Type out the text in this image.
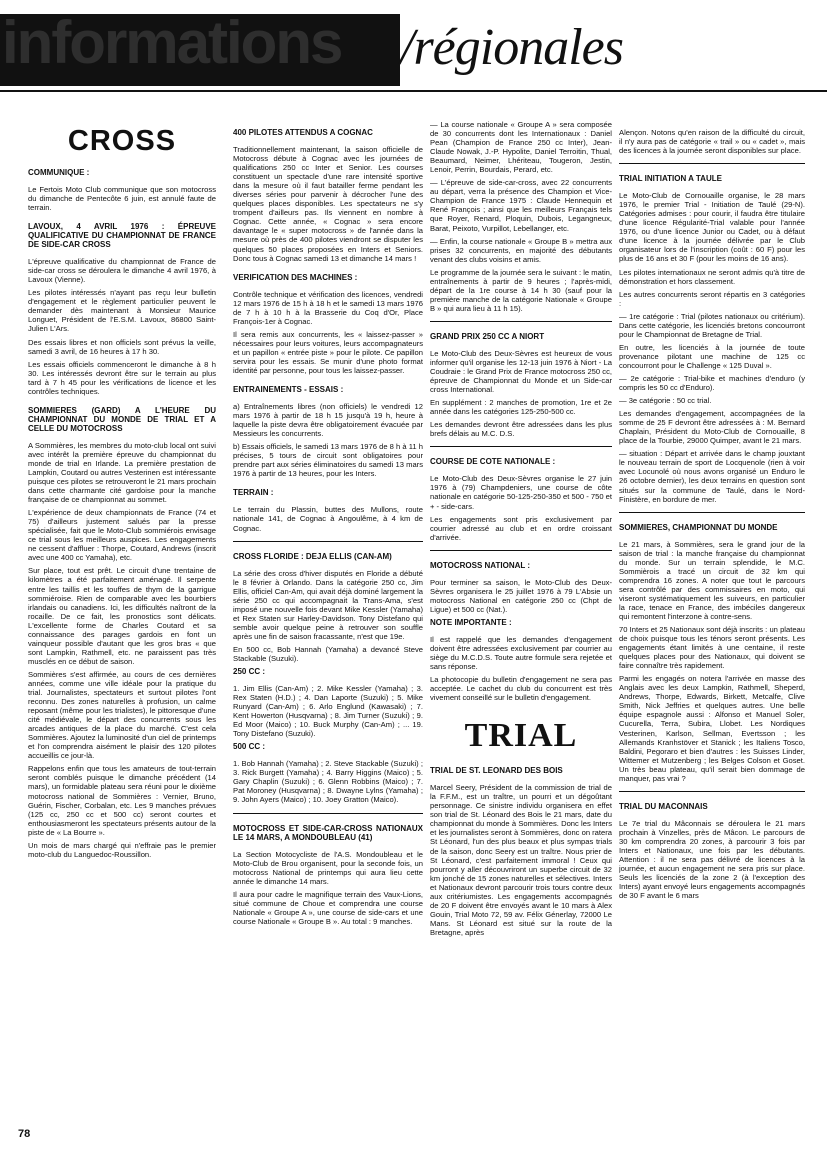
informations /régionales
CROSS
COMMUNIQUE :

Le Fertois Moto Club communique que son motocross du dimanche de Pentecôte 6 juin, est annulé faute de terrain.

LAVOUX, 4 AVRIL 1976 : ÉPREUVE QUALIFICATIVE DU CHAMPIONNAT DE FRANCE DE SIDE-CAR CROSS

L'épreuve qualificative du championnat de France de side-car cross se déroulera le dimanche 4 avril 1976, à Lavoux (Vienne).

Les pilotes intéressés n'ayant pas reçu leur bulletin d'engagement et le règlement particulier peuvent le demander dès maintenant à Monsieur Maurice Longuet, Président de l'E.S.M. Lavoux, 86800 Saint-Julien L'Ars.

Des essais libres et non officiels sont prévus la veille, samedi 3 avril, de 16 heures à 17 h 30.

Les essais officiels commenceront le dimanche à 8 h 30. Les intéressés devront être sur le terrain au plus tard à 7 h 45 pour les vérifications de licence et les contrôles techniques.

SOMMIERES (GARD) A L'HEURE DU CHAMPIONNAT DU MONDE DE TRIAL ET A CELLE DU MOTOCROSS

A Sommières, les membres du moto-club local ont suivi avec intérêt la première épreuve du championnat du monde de trial en Irlande. La première prestation de Lampkin, Coutard ou autres Vesterinen est intéressante puisque ces pilotes se retrouveront le 21 mars prochain dans cette charmante cité gardoise pour la manche française de ce championnat au sommet.

L'expérience de deux championnats de France (74 et 75) d'ailleurs justement salués par la presse spécialisée, fait que le Moto-Club sommiérois envisage ce trial sous les meilleurs auspices. Les engagements ne cessent d'affluer : Thorpe, Coutard, Andrews (inscrit avec une 400 cc Yamaha), etc.

Sur place, tout est prêt. Le circuit d'une trentaine de kilomètres a été parfaitement aménagé. Il serpente entre les taillis et les touffes de thym de la garrigue sommiéroise. Rien de comparable avec les bourbiers irlandais ou canadiens. Ici, les difficultés naîtront de la rocaille. De ce fait, les pronostics sont délicats. L'excellente forme de Charles Coutard et sa connaissance des parages gardois en font un vainqueur possible d'autant que les gros bras « que sont Lampkin, Rathmell, etc. ne paraissent pas très musclés en ce début de saison.

Sommières s'est affirmée, au cours de ces dernières années, comme une ville idéale pour la pratique du trial. Journalistes, spectateurs et surtout pilotes l'ont reconnu. Des zones naturelles à profusion, un calme reposant (même pour les trialistes), le pittoresque d'une cité médiévale, le départ des concurrents sous les arcades antiques de la place du marché. C'est cela Sommières. Ajoutez la luminosité d'un ciel de printemps et l'on comprendra aisément le plaisir des 120 pilotes accueillis ce jour-là.

Rappelons enfin que tous les amateurs de tout-terrain seront comblés puisque le dimanche précédent (14 mars), un formidable plateau sera réuni pour le dixième motocross national de Sommières : Vernier, Bruno, Guérin, Fischer, Corbalan, etc. Les 9 manches prévues (125 cc, 250 cc et 500 cc) seront courtes et enthousiasmeront les spectateurs présents autour de la piste de « La Bourre ».

Un mois de mars chargé qui n'effraie pas le premier moto-club du Languedoc-Roussillon.

400 PILOTES ATTENDUS A COGNAC

Traditionnellement maintenant, la saison officielle de Motocross débute à Cognac avec les journées de qualifications 250 cc Inter et Senior. Les courses constituent un spectacle d'une rare intensité sportive dans la mesure où il faut batailler ferme pendant les diverses séries pour parvenir à décrocher l'une des quelques places disponibles. Les spectateurs ne s'y trompent d'ailleurs pas. Ils viennent en nombre à Cognac. Cette année, « Cognac » sera encore davantage le « super motocross » de l'année dans la mesure où près de 400 pilotes viendront se disputer les quelques 50 places proposées en Inters et Seniors. Donc tous à Cognac samedi 13 et dimanche 14 mars !

VERIFICATION DES MACHINES :

Contrôle technique et vérification des licences, vendredi 12 mars 1976 de 15 h à 18 h et le samedi 13 mars 1976 de 7 h à 10 h à la Brasserie du Coq d'Or, Place François-1er à Cognac.

Il sera remis aux concurrents, les « laissez-passer » nécessaires pour leurs voitures, leurs accompagnateurs et un papillon « entrée piste » pour le pilote. Ce papillon servira pour les essais. Se munir d'une photo format identité par personne, pour tous les laissez-passer.

ENTRAINEMENTS - ESSAIS :

a) Entraînements libres (non officiels) le vendredi 12 mars 1976 à partir de 18 h 15 jusqu'à 19 h, heure à laquelle la piste devra être obligatoirement évacuée par Messieurs les concurrents.

b) Essais officiels, le samedi 13 mars 1976 de 8 h à 11 h précises, 5 tours de circuit sont obligatoires pour prendre part aux séries éliminatoires du samedi 13 mars 1976 à partir de 13 heures, pour les Inters.

TERRAIN :

Le terrain du Plassin, buttes des Mullons, route nationale 141, de Cognac à Angoulême, à 4 km de Cognac.

CROSS FLORIDE : DEJA ELLIS (CAN-AM)

La série des cross d'hiver disputés en Floride a débuté le 8 février à Orlando. Dans la catégorie 250 cc, Jim Ellis, officiel Can-Am, qui avait déjà dominé largement la série 250 cc qui accompagnait la Trans-Ama, s'est imposé une nouvelle fois devant Mike Kessler (Yamaha) et Rex Staten sur Harley-Davidson. Tony Distefano qui semble avoir quelque peine à retrouver son souffle après une fin de saison fracassante, n'est que 19e.

En 500 cc, Bob Hannah (Yamaha) a devancé Steve Stackable (Suzuki).

250 CC :

1. Jim Ellis (Can-Am) ; 2. Mike Kessler (Yamaha) ; 3. Rex Staten (H.D.) ; 4. Dan Laporte (Suzuki) ; 5. Mike Runyard (Can-Am) ; 6. Arlo Englund (Kawasaki) ; 7. Kent Howerton (Husqvarna) ; 8. Jim Turner (Suzuki) ; 9. Ed Moor (Maico) ; 10. Buck Murphy (Can-Am) ; ... 19. Tony Distefano (Suzuki).

500 CC :

1. Bob Hannah (Yamaha) ; 2. Steve Stackable (Suzuki) ; 3. Rick Burgett (Yamaha) ; 4. Barry Higgins (Maico) ; 5. Gary Chaplin (Suzuki) ; 6. Glenn Robbins (Maico) ; 7. Pat Moroney (Husqvarna) ; 8. Dwayne Lylns (Yamaha) ; 9. John Ayers (Maico) ; 10. Joey Gratton (Maico).

MOTOCROSS ET SIDE-CAR-CROSS NATIONAUX LE 14 MARS, A MONDOUBLEAU (41)

La Section Motocycliste de l'A.S. Mondoubleau et le Moto-Club de Brou organisent, pour la seconde fois, un motocross National de printemps qui aura lieu cette année le dimanche 14 mars.

Il aura pour cadre le magnifique terrain des Vaux-Lions, situé commune de Choue et comprendra une course Nationale « Groupe A », une course de side-cars et une course Nationale « Groupe B ». Au total : 9 manches.

— La course nationale « Groupe A » sera composée de 30 concurrents dont les Internationaux : Daniel Pean (Champion de France 250 cc Inter), Jean-Claude Nowak, J.-P. Hypolite, Daniel Terroitin, Thual, Beaumard, Neimer, Lhériteau, Tougeron, Jestin, Lenoir, Perrin, Bourdais, Perard, etc.

— L'épreuve de side-car-cross, avec 22 concurrents au départ, verra la présence des Champion et Vice-Champion de France 1975 : Claude Hennequin et René François ; ainsi que les meilleurs Français tels que Royer, Renard, Ploquin, Dubois, Legangneux, Barat, Peixoto, Vurpillot, Lebellanger, etc.

— Enfin, la course nationale « Groupe B » mettra aux prises 32 concurrents, en majorité des débutants venant des clubs voisins et amis.

Le programme de la journée sera le suivant : le matin, entraînements à partir de 9 heures ; l'après-midi, départ de la 1re course à 14 h 30 (sauf pour la première manche de la catégorie Nationale « Groupe B » qui aura lieu à 11 h 15).

GRAND PRIX 250 CC A NIORT

Le Moto-Club des Deux-Sèvres est heureux de vous informer qu'il organise les 12-13 juin 1976 à Niort - La Coudraie : le Grand Prix de France motocross 250 cc, épreuve de Championnat du Monde et un Side-car cross International.

En supplément : 2 manches de promotion, 1re et 2e année dans les catégories 125-250-500 cc.

Les demandes devront être adressées dans les plus brefs délais au M.C. D.S.

COURSE DE COTE NATIONALE :

Le Moto-Club des Deux-Sèvres organise le 27 juin 1976 à (79) Champdeniers, une course de côte nationale en catégorie 50-125-250-350 et 500 - 750 et + - side-cars.

Les engagements sont pris exclusivement par courrier adressé au club et en ordre croissant d'arrivée.

MOTOCROSS NATIONAL :

Pour terminer sa saison, le Moto-Club des Deux-Sèvres organisera le 25 juillet 1976 à 79 L'Absie un motocross National en catégorie 250 cc (Chpt de Ligue) et 500 cc (Nat.).

NOTE IMPORTANTE :

Il est rappelé que les demandes d'engagement doivent être adressées exclusivement par courrier au siège du M.C.D.S. Toute autre formule sera rejetée et sans réponse.

La photocopie du bulletin d'engagement ne sera pas acceptée. Le cachet du club du concurrent est très vivement conseillé sur le bulletin d'engagement.

TRIAL
TRIAL DE ST. LEONARD DES BOIS

Marcel Seery, Président de la commission de trial de la F.F.M., est un traître, un pourri et un dégoûtant personnage. Ce sinistre individu organisera en effet son trial de St. Léonard des Bois le 21 mars, date du championnat du monde à Sommières. Donc les Inters et les journalistes seront à Sommières, donc on ratera St Léonard, l'un des plus beaux et plus sympas trials de la saison, donc Seery est un traître. Nous prier de St Léonard, c'est parfaitement immoral ! Ceux qui pourront y aller découvriront un superbe circuit de 32 km jonché de 15 zones naturelles et sélectives. Inters et Nationaux devront parcourir trois tours contre deux aux critériumistes. Les engagements accompagnés de 20 F doivent être envoyés avant le 10 mars à Alex Gouin, Trial Moto 72, 59 av. Félix Génerlay, 72000 Le Mans. St Léonard est situé sur la route de la Bretagne, après

Alençon. Notons qu'en raison de la difficulté du circuit, il n'y aura pas de catégorie « trail » ou « cadet », mais des licences à la journée seront disponibles sur place.

TRIAL INITIATION A TAULE

Le Moto-Club de Cornouaille organise, le 28 mars 1976, le premier Trial - Initiation de Taulé (29-N). Catégories admises : pour courir, il faudra être titulaire d'une licence Régularité-Trial valable pour l'année 1976, ou d'une licence Junior ou Cadet, ou à défaut d'une licence à la journée délivrée par le Club organisateur lors de l'inscription (coût : 60 F) pour les plus de 16 ans et 30 F (pour les moins de 16 ans).

Les pilotes internationaux ne seront admis qu'à titre de démonstration et hors classement.

Les autres concurrents seront répartis en 3 catégories :

— 1re catégorie : Trial (pilotes nationaux ou critérium). Dans cette catégorie, les licenciés bretons concourront pour le Championnat de Bretagne de Trial.

En outre, les licenciés à la journée de toute provenance pilotant une machine de 125 cc concourront pour le Challenge « 125 Duval ».

— 2e catégorie : Trial-bike et machines d'enduro (y compris les 50 cc d'Enduro).

— 3e catégorie : 50 cc trial.

Les demandes d'engagement, accompagnées de la somme de 25 F devront être adressées à : M. Bernard Chaplain, Président du Moto-Club de Cornouaille, 8 place de la Tourbie, 29000 Quimper, avant le 21 mars.

— situation : Départ et arrivée dans le champ jouxtant le nouveau terrain de sport de Locquenole (rien à voir avec Locunolé où nous avons organisé un Enduro le 26 octobre dernier), les deux terrains en question sont situés sur la commune de Taulé, dans le Nord-Finistère, en bordure de mer.

SOMMIERES, CHAMPIONNAT DU MONDE

Le 21 mars, à Sommières, sera le grand jour de la saison de trial : la manche française du championnat du monde. Sur un terrain splendide, le M.C. Sommièrois a tracé un circuit de 32 km qui comprendra 16 zones. A noter que tout le parcours sera contrôlé par des commissaires en moto, qui viseront systématiquement les suiveurs, en particulier la race, tenace en France, des imbéciles dangereux qui remontent l'interzone à contre-sens.

70 Inters et 25 Nationaux sont déjà inscrits : un plateau de choix puisque tous les ténors seront présents. Les engagements étant limités à une centaine, il reste quelques places pour des Nationaux, qui doivent se faire connaître très rapidement.

Parmi les engagés on notera l'arrivée en masse des Anglais avec les deux Lampkin, Rathmell, Sheperd, Andrews, Thorpe, Edwards, Birkett, Metcalfe, Clive Smith, Nick Jeffries et quelques autres. Une belle équipe espagnole aussi : Alfonso et Manuel Soler, Cucurella, Terra, Subira, Llobet. Les Nordiques Vesterinen, Karlson, Sellman, Evertsson ; les Allemands Kranhstöver et Stanick ; les Italiens Tosco, Baldini, Pegoraro et bien d'autres : les Suisses Linder, Wittemer et Mutzenberg ; les Belges Colson et Goset. Un très beau plateau, qu'il serait bien dommage de manquer, pas vrai ?

TRIAL DU MACONNAIS

Le 7e trial du Mâconnais se déroulera le 21 mars prochain à Vinzelles, près de Mâcon. Le parcours de 30 km comprendra 20 zones, à parcourir 3 fois par Inters et Nationaux, une fois par les débutants. Attention : il ne sera pas délivré de licences à la journée, et aucun engagement ne sera pris sur place. Seuls les licenciés de la zone 2 (à l'exception des Inters) ayant envoyé leurs engagements accompagnés de 30 F avant le 6 mars

78
